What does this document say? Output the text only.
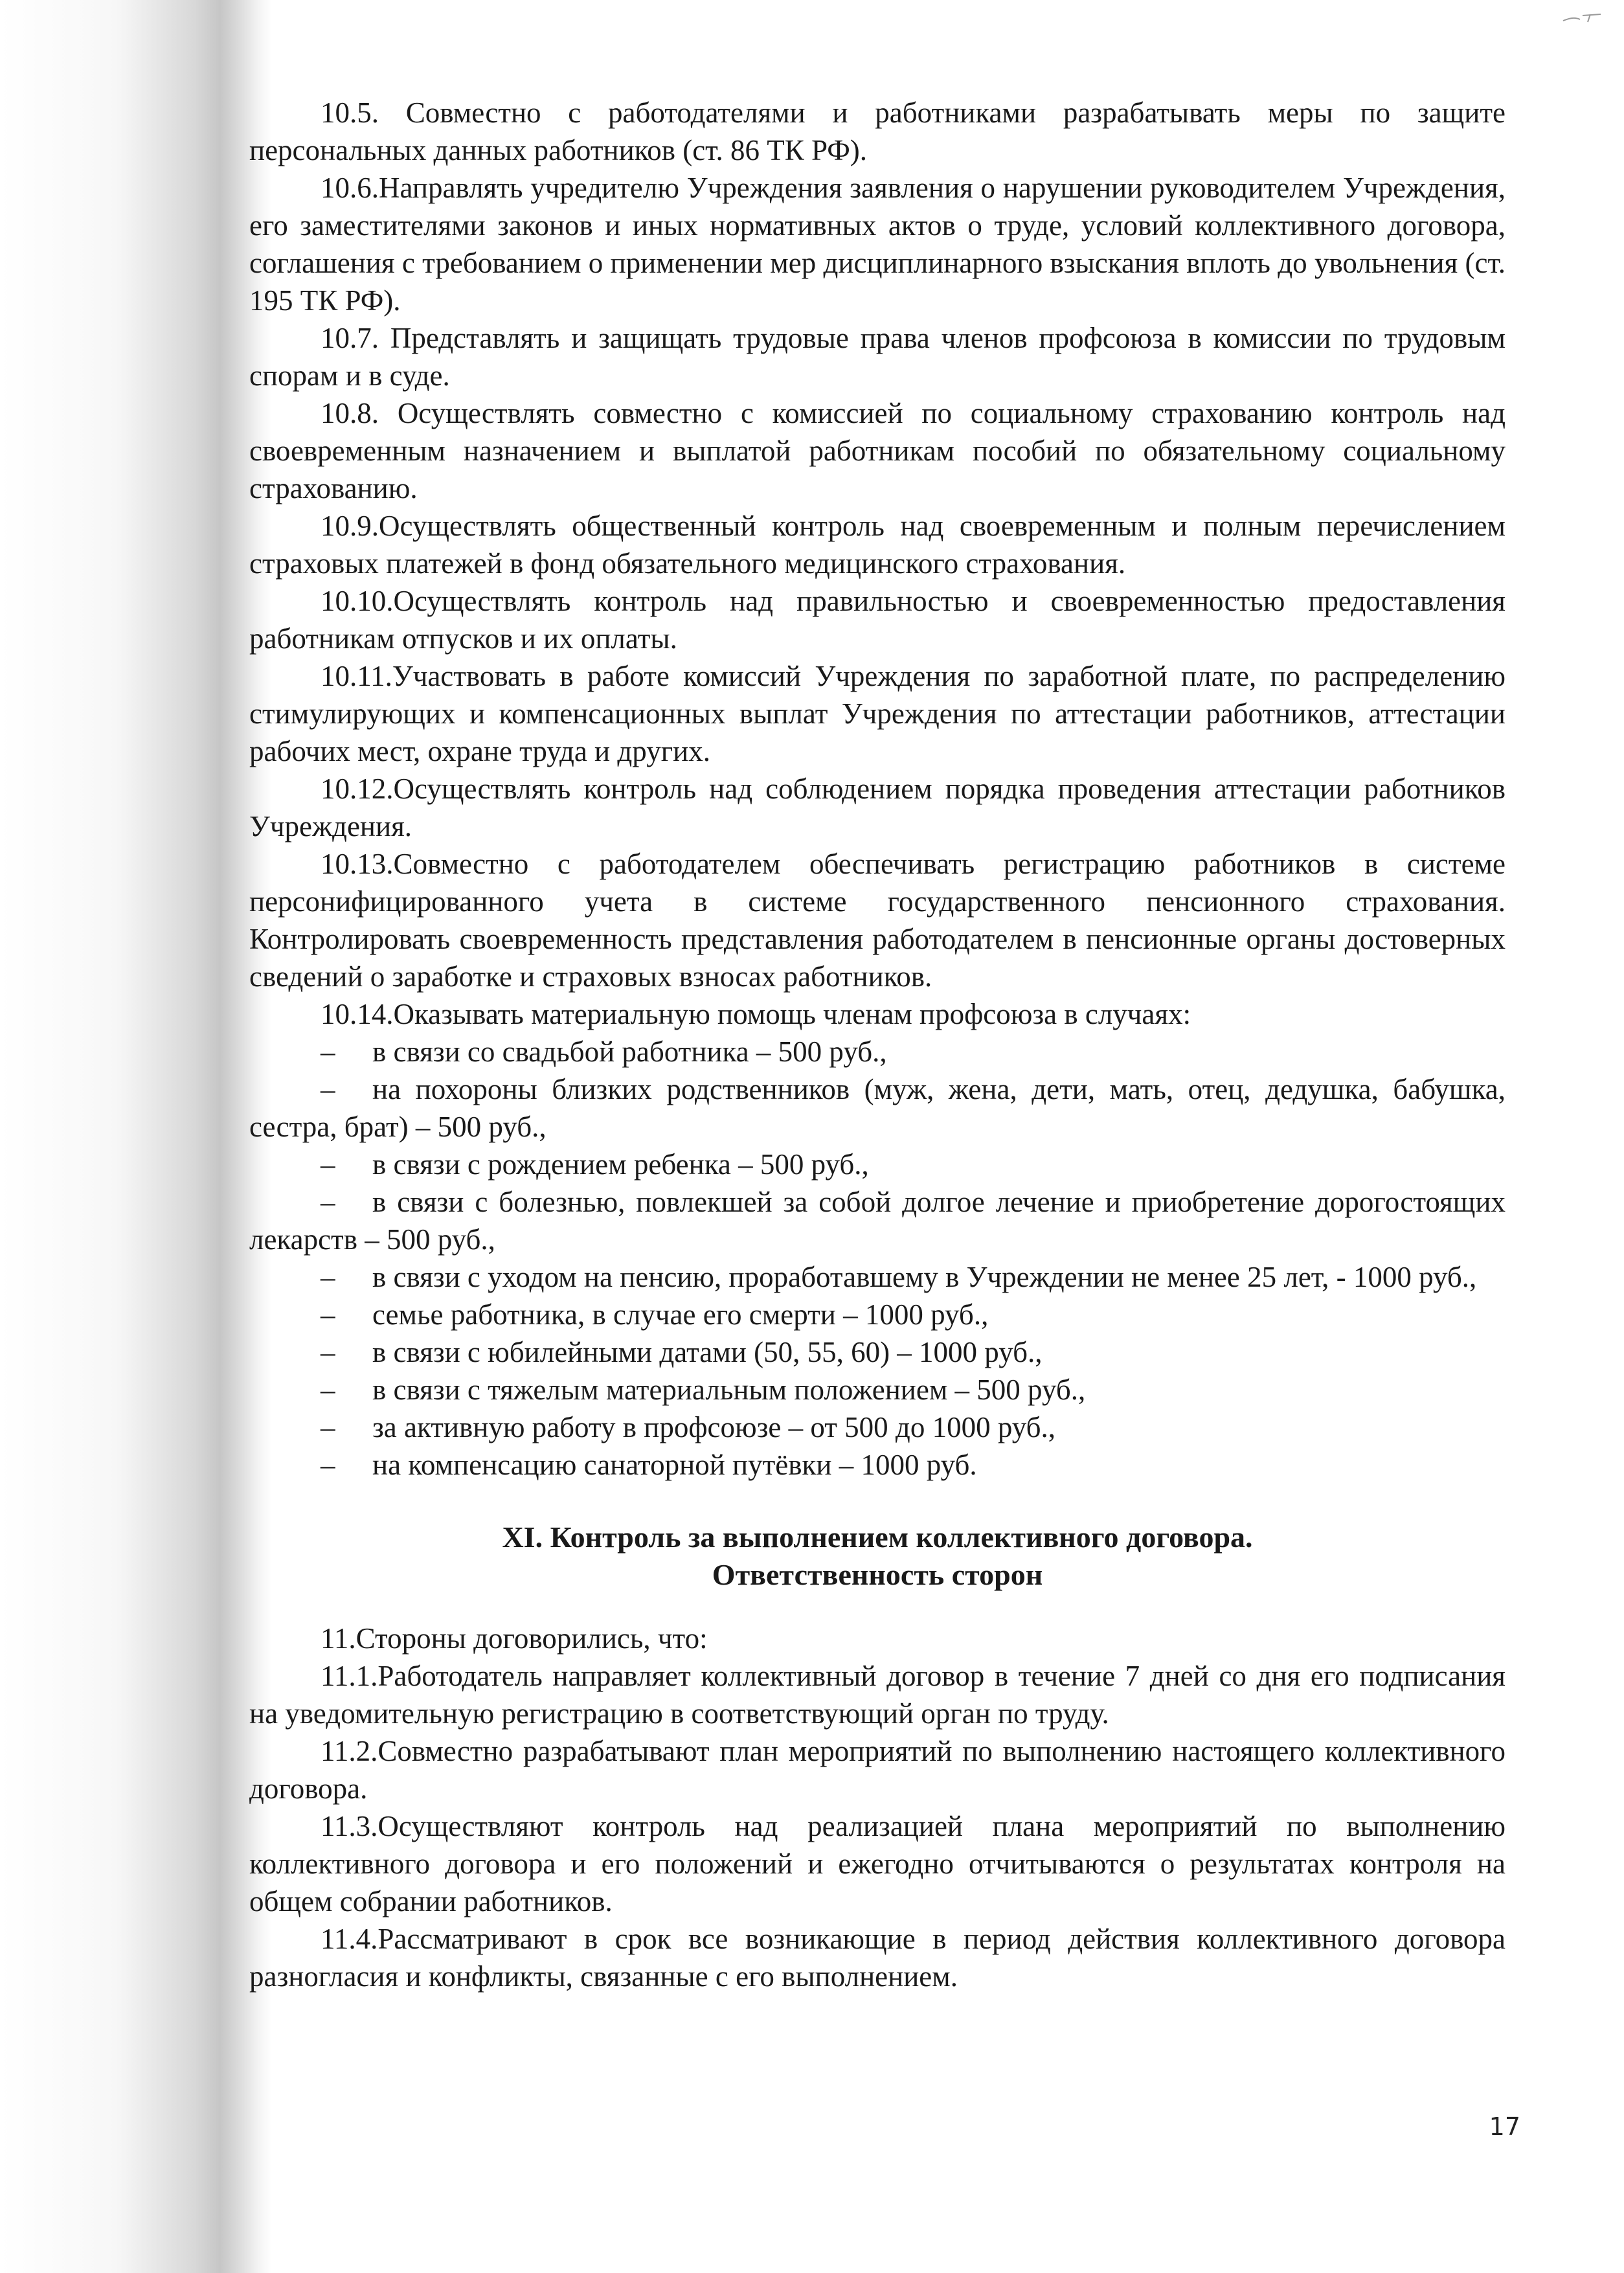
10.5. Совместно с работодателями и работниками разрабатывать меры по защите персональных данных работников (ст. 86 ТК РФ).

10.6.Направлять учредителю Учреждения заявления о нарушении руководителем Учреждения, его заместителями законов и иных нормативных актов о труде, условий коллективного договора, соглашения с требованием о применении мер дисциплинарного взыскания вплоть до увольнения (ст. 195 ТК РФ).

10.7. Представлять и защищать трудовые права членов профсоюза в комиссии по трудовым спорам и в суде.

10.8. Осуществлять совместно с комиссией по социальному страхованию контроль над своевременным назначением и выплатой работникам пособий по обязательному социальному страхованию.

10.9.Осуществлять общественный контроль над своевременным и полным перечислением страховых платежей в фонд обязательного медицинского страхования.

10.10.Осуществлять контроль над правильностью и своевременностью предоставления работникам отпусков и их оплаты.

10.11.Участвовать в работе комиссий Учреждения по заработной плате, по распределению стимулирующих и компенсационных выплат Учреждения по аттестации работников, аттестации рабочих мест, охране труда и других.

10.12.Осуществлять контроль над соблюдением порядка проведения аттестации работников Учреждения.

10.13.Совместно с работодателем обеспечивать регистрацию работников в системе персонифицированного учета в системе государственного пенсионного страхования. Контролировать своевременность представления работодателем в пенсионные органы достоверных сведений о заработке и страховых взносах работников.

10.14.Оказывать материальную помощь членам профсоюза в случаях:

– в связи со свадьбой работника – 500 руб.,
– на похороны близких родственников (муж, жена, дети, мать, отец, дедушка, бабушка, сестра, брат) – 500 руб.,
– в связи с рождением ребенка – 500 руб.,
– в связи с болезнью, повлекшей за собой долгое лечение и приобретение дорогостоящих лекарств – 500 руб.,
– в связи с уходом на пенсию, проработавшему в Учреждении не менее 25 лет, - 1000 руб.,
– семье работника, в случае его смерти – 1000 руб.,
– в связи с юбилейными датами (50, 55, 60) – 1000 руб.,
– в связи с тяжелым материальным положением – 500 руб.,
– за активную работу в профсоюзе – от 500 до 1000 руб.,
– на компенсацию санаторной путёвки – 1000 руб.
XI. Контроль за выполнением коллективного договора.
Ответственность сторон

11.Стороны договорились, что:

11.1.Работодатель направляет коллективный договор в течение 7 дней со дня его подписания на уведомительную регистрацию в соответствующий орган по труду.

11.2.Совместно разрабатывают план мероприятий по выполнению настоящего коллективного договора.

11.3.Осуществляют контроль над реализацией плана мероприятий по выполнению коллективного договора и его положений и ежегодно отчитываются о результатах контроля на общем собрании работников.

11.4.Рассматривают в срок все возникающие в период действия коллективного договора разногласия и конфликты, связанные с его выполнением.

17
